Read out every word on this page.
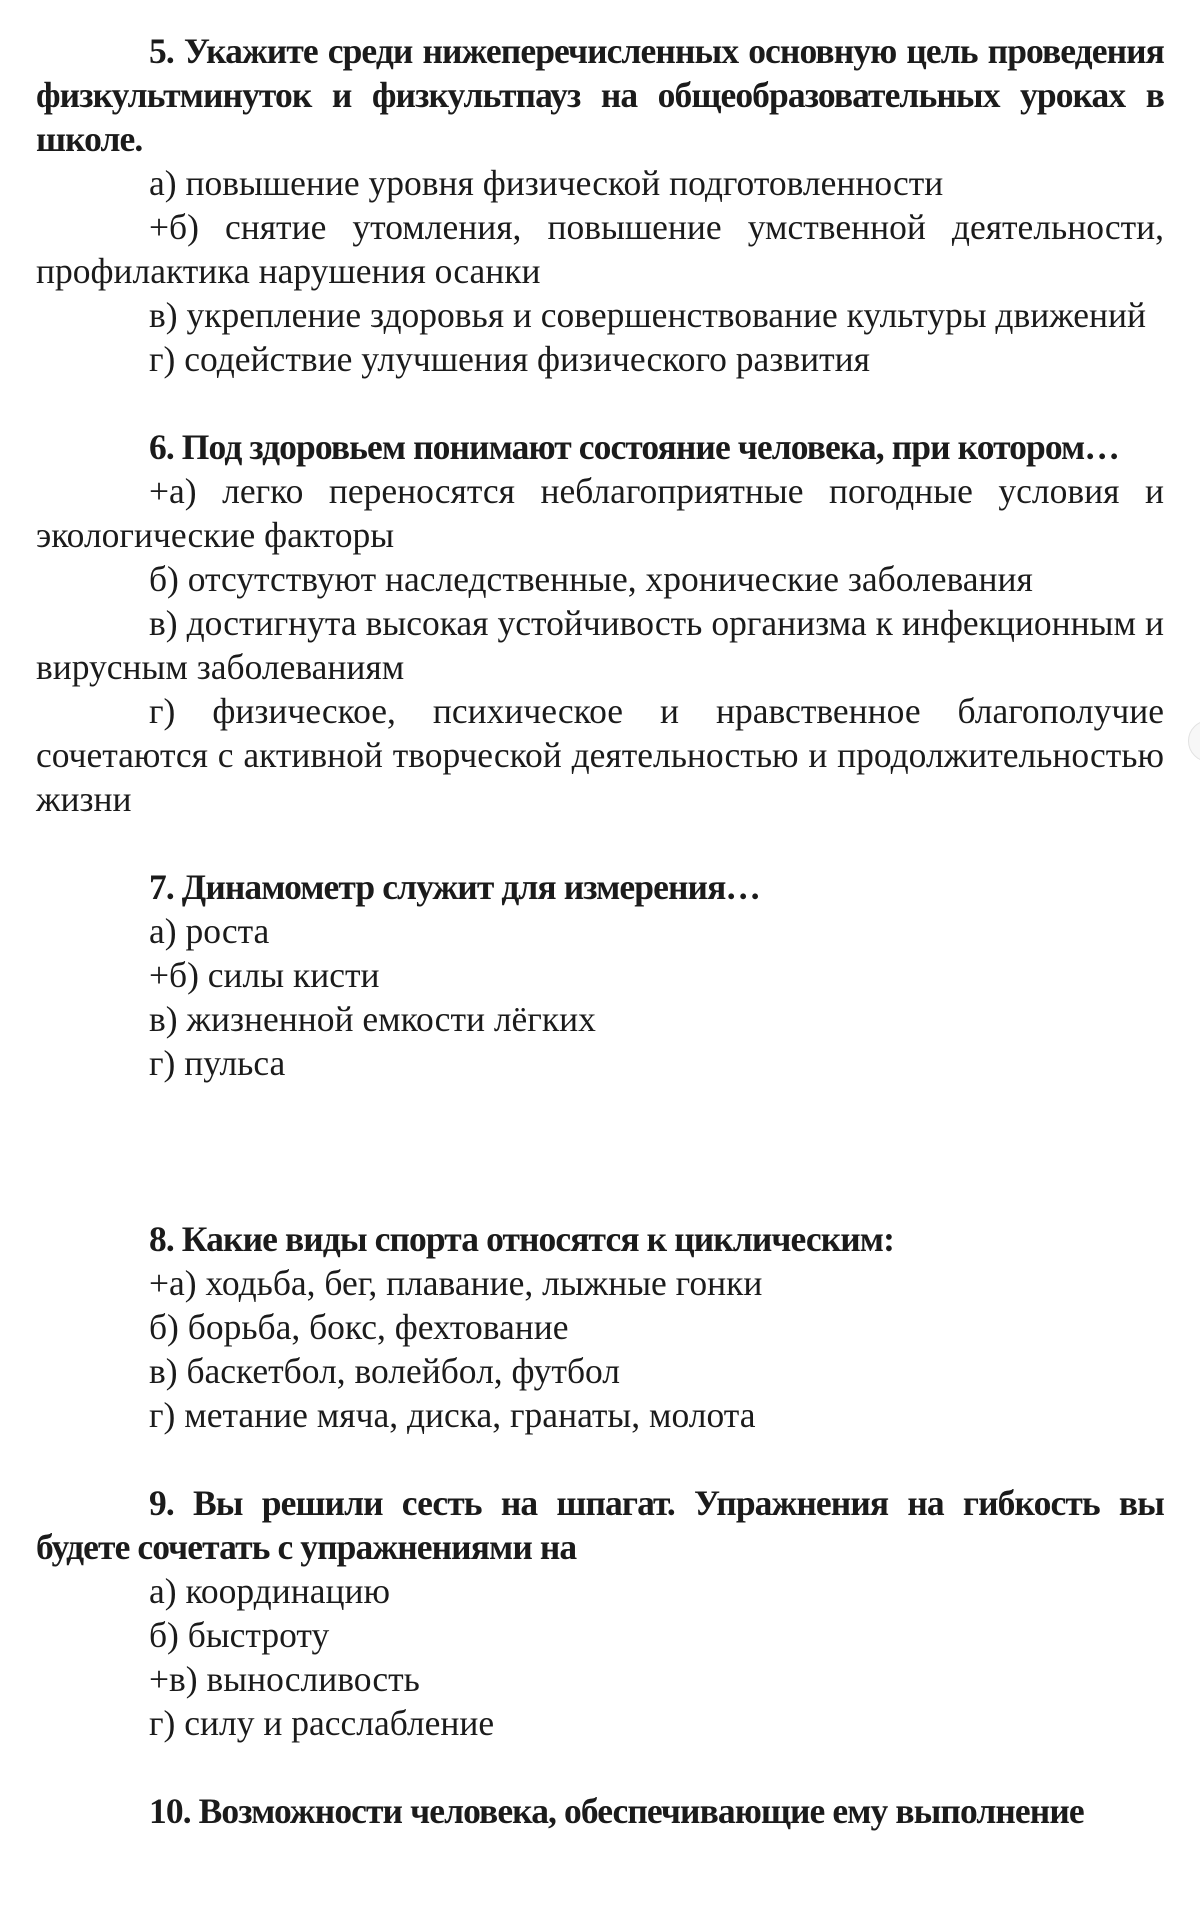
5. Укажите среди нижеперечисленных основную цель проведения физкультминуток и физкультпауз на общеобразовательных уроках в школе.

а) повышение уровня физической подготовленности

+б) снятие утомления, повышение умственной деятельности, профилактика нарушения осанки

в) укрепление здоровья и совершенствование культуры движений

г) содействие улучшения физического развития

6. Под здоровьем понимают состояние человека, при котором…

+а) легко переносятся неблагоприятные погодные условия и экологические факторы

б) отсутствуют наследственные, хронические заболевания

в) достигнута высокая устойчивость организма к инфекционным и вирусным заболеваниям

г) физическое, психическое и нравственное благополучие сочетаются с активной творческой деятельностью и продолжительностью жизни

7. Динамометр служит для измерения…

а) роста

+б) силы кисти

в) жизненной емкости лёгких

г) пульса

8. Какие виды спорта относятся к циклическим:

+а) ходьба, бег, плавание, лыжные гонки

б) борьба, бокс, фехтование

в) баскетбол, волейбол, футбол

г) метание мяча, диска, гранаты, молота

9. Вы решили сесть на шпагат. Упражнения на гибкость вы будете сочетать с упражнениями на

а) координацию

б) быстроту

+в) выносливость

г) силу и расслабление

10. Возможности человека, обеспечивающие ему выполнение
